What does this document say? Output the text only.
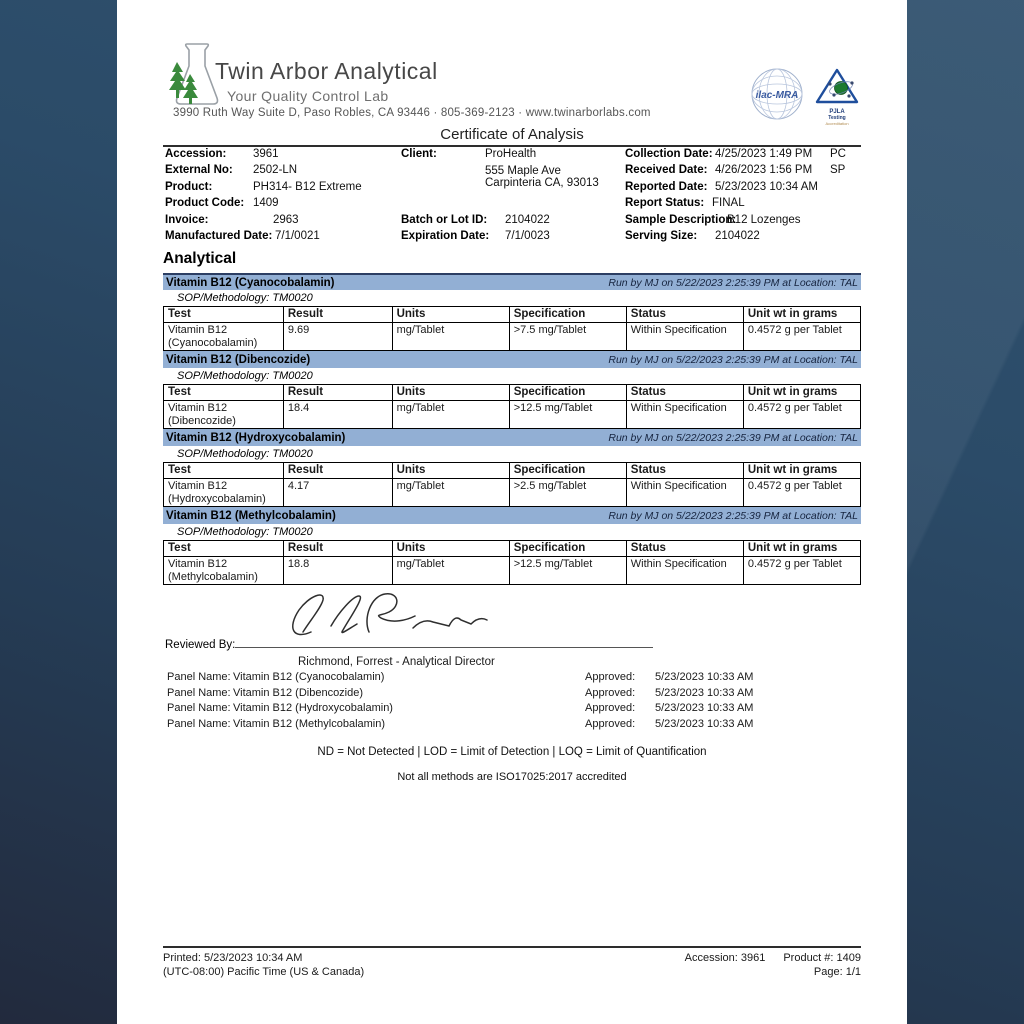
Twin Arbor Analytical
Your Quality Control Lab
3990 Ruth Way Suite D, Paso Robles, CA 93446 · 805-369-2123 · www.twinarborlabs.com
ilac-MRA
PJLA
Testing
Accreditation
Certificate of Analysis
Accession: 3961
External No: 2502-LN
Product:	PH314- B12 Extreme
Product Code: 1409
Invoice:	2963
Manufactured Date: 7/1/0021
Client:	ProHealth
555 Maple Ave
Carpinteria CA, 93013
Batch or Lot ID: 2104022
Expiration Date: 7/1/0023
Collection Date: 4/25/2023 1:49 PM PC
Received Date: 4/26/2023 1:56 PM SP
Reported Date: 5/23/2023 10:34 AM
Report Status: FINAL
Sample Description:
B12 Lozenges
Serving Size: 2104022
Analytical
Vitamin B12 (Cyanocobalamin)	Run by MJ on 5/22/2023 2:25:39 PM at Location: TAL
SOP/Methodology: TM0020
Test	Result	Units	Specification	Status	Unit wt in grams
Vitamin B12 (Cyanocobalamin)	9.69	mg/Tablet	>7.5 mg/Tablet	Within Specification	0.4572 g per Tablet
Vitamin B12 (Dibencozide)	Run by MJ on 5/22/2023 2:25:39 PM at Location: TAL
SOP/Methodology: TM0020
Test	Result	Units	Specification	Status	Unit wt in grams
Vitamin B12 (Dibencozide)	18.4	mg/Tablet	>12.5 mg/Tablet	Within Specification	0.4572 g per Tablet
Vitamin B12 (Hydroxycobalamin)	Run by MJ on 5/22/2023 2:25:39 PM at Location: TAL
SOP/Methodology: TM0020
Test	Result	Units	Specification	Status	Unit wt in grams
Vitamin B12 (Hydroxycobalamin)	4.17	mg/Tablet	>2.5 mg/Tablet	Within Specification	0.4572 g per Tablet
Vitamin B12 (Methylcobalamin)	Run by MJ on 5/22/2023 2:25:39 PM at Location: TAL
SOP/Methodology: TM0020
Test	Result	Units	Specification	Status	Unit wt in grams
Vitamin B12 (Methylcobalamin)	18.8	mg/Tablet	>12.5 mg/Tablet	Within Specification	0.4572 g per Tablet
Reviewed By:
Richmond, Forrest - Analytical Director
Panel Name: Vitamin B12 (Cyanocobalamin)	Approved: 5/23/2023 10:33 AM
Panel Name: Vitamin B12 (Dibencozide)	Approved: 5/23/2023 10:33 AM
Panel Name: Vitamin B12 (Hydroxycobalamin)	Approved: 5/23/2023 10:33 AM
Panel Name: Vitamin B12 (Methylcobalamin)	Approved: 5/23/2023 10:33 AM
ND = Not Detected | LOD = Limit of Detection | LOQ = Limit of Quantification
Not all methods are ISO17025:2017 accredited
Printed: 5/23/2023 10:34 AM
(UTC-08:00) Pacific Time (US & Canada)
Accession: 3961 Product #: 1409
Page: 1/1
